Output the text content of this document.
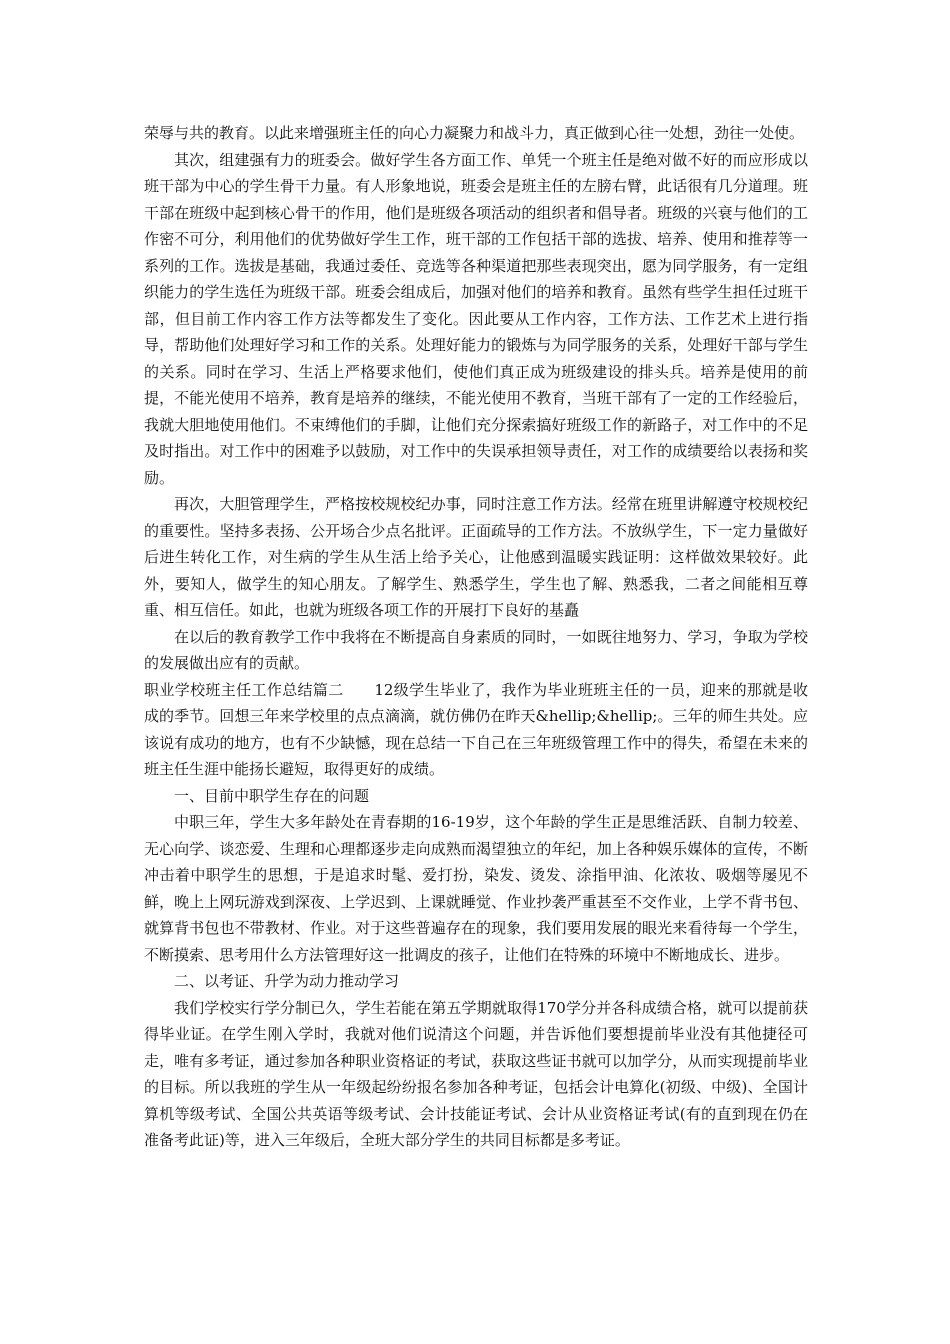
荣辱与共的教育。以此来增强班主任的向心力凝聚力和战斗力，真正做到心往一处想，劲往一处使。

其次，组建强有力的班委会。做好学生各方面工作、单凭一个班主任是绝对做不好的而应形成以班干部为中心的学生骨干力量。有人形象地说，班委会是班主任的左膀右臂，此话很有几分道理。班干部在班级中起到核心骨干的作用，他们是班级各项活动的组织者和倡导者。班级的兴衰与他们的工作密不可分，利用他们的优势做好学生工作，班干部的工作包括干部的选拔、培养、使用和推荐等一系列的工作。选拔是基础，我通过委任、竞选等各种渠道把那些表现突出，愿为同学服务，有一定组织能力的学生选任为班级干部。班委会组成后，加强对他们的培养和教育。虽然有些学生担任过班干部，但目前工作内容工作方法等都发生了变化。因此要从工作内容，工作方法、工作艺术上进行指导，帮助他们处理好学习和工作的关系。处理好能力的锻炼与为同学服务的关系，处理好干部与学生的关系。同时在学习、生活上严格要求他们，使他们真正成为班级建设的排头兵。培养是使用的前提，不能光使用不培养，教育是培养的继续，不能光使用不教育，当班干部有了一定的工作经验后，我就大胆地使用他们。不束缚他们的手脚，让他们充分探索搞好班级工作的新路子，对工作中的不足及时指出。对工作中的困难予以鼓励，对工作中的失误承担领导责任，对工作的成绩要给以表扬和奖励。

再次，大胆管理学生，严格按校规校纪办事，同时注意工作方法。经常在班里讲解遵守校规校纪的重要性。坚持多表扬、公开场合少点名批评。正面疏导的工作方法。不放纵学生，下一定力量做好后进生转化工作，对生病的学生从生活上给予关心，让他感到温暖实践证明：这样做效果较好。此外，要知人，做学生的知心朋友。了解学生、熟悉学生，学生也了解、熟悉我，二者之间能相互尊重、相互信任。如此，也就为班级各项工作的开展打下良好的基矗

在以后的教育教学工作中我将在不断提高自身素质的同时，一如既往地努力、学习，争取为学校的发展做出应有的贡献。

职业学校班主任工作总结篇二　　12级学生毕业了，我作为毕业班班主任的一员，迎来的那就是收成的季节。回想三年来学校里的点点滴滴，就仿佛仍在昨天&hellip;&hellip;。三年的师生共处。应该说有成功的地方，也有不少缺憾，现在总结一下自己在三年班级管理工作中的得失，希望在未来的班主任生涯中能扬长避短，取得更好的成绩。

一、目前中职学生存在的问题

中职三年，学生大多年龄处在青春期的16-19岁，这个年龄的学生正是思维活跃、自制力较差、无心向学、谈恋爱、生理和心理都逐步走向成熟而渴望独立的年纪，加上各种娱乐媒体的宣传，不断冲击着中职学生的思想，于是追求时髦、爱打扮，染发、烫发、涂指甲油、化浓妆、吸烟等屡见不鲜，晚上上网玩游戏到深夜、上学迟到、上课就睡觉、作业抄袭严重甚至不交作业，上学不背书包、就算背书包也不带教材、作业。对于这些普遍存在的现象，我们要用发展的眼光来看待每一个学生，不断摸索、思考用什么方法管理好这一批调皮的孩子，让他们在特殊的环境中不断地成长、进步。

二、以考证、升学为动力推动学习

我们学校实行学分制已久，学生若能在第五学期就取得170学分并各科成绩合格，就可以提前获得毕业证。在学生刚入学时，我就对他们说清这个问题，并告诉他们要想提前毕业没有其他捷径可走，唯有多考证，通过参加各种职业资格证的考试，获取这些证书就可以加学分，从而实现提前毕业的目标。所以我班的学生从一年级起纷纷报名参加各种考证，包括会计电算化(初级、中级)、全国计算机等级考试、全国公共英语等级考试、会计技能证考试、会计从业资格证考试(有的直到现在仍在准备考此证)等，进入三年级后，全班大部分学生的共同目标都是多考证。
